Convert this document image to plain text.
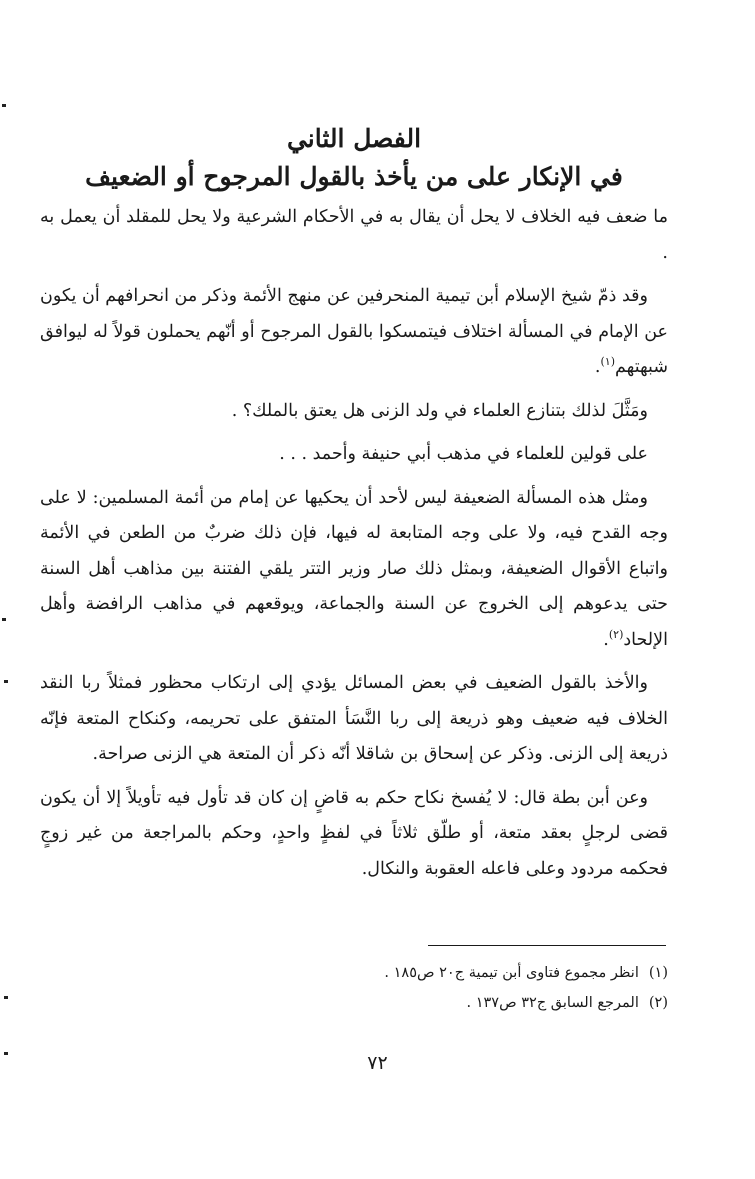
الفصل الثاني
في الإنكار على من يأخذ بالقول المرجوح أو الضعيف

ما ضعف فيه الخلاف لا يحل أن يقال به في الأحكام الشرعية ولا يحل للمقلد أن يعمل به .

وقد ذمّ شيخ الإسلام أبن تيمية المنحرفين عن منهج الأئمة وذكر من انحرافهم أن يكون عن الإمام في المسألة اختلاف فيتمسكوا بالقول المرجوح أو أنّهم يحملون قولاً له ليوافق شبهتهم$^{(١)}$.

ومَثَّلَ لذلك بتنازع العلماء في ولد الزنى هل يعتق بالملك؟ .

على قولين للعلماء في مذهب أبي حنيفة وأحمد . . .

ومثل هذه المسألة الضعيفة ليس لأحد أن يحكيها عن إمام من أئمة المسلمين: لا على وجه القدح فيه، ولا على وجه المتابعة له فيها، فإن ذلك ضربٌ من الطعن في الأئمة واتباع الأقوال الضعيفة، وبمثل ذلك صار وزير التتر يلقي الفتنة بين مذاهب أهل السنة حتى يدعوهم إلى الخروج عن السنة والجماعة، ويوقعهم في مذاهب الرافضة وأهل الإلحاد$^{(٢)}$.

والأخذ بالقول الضعيف في بعض المسائل يؤدي إلى ارتكاب محظور فمثلاً ربا النقد الخلاف فيه ضعيف وهو ذريعة إلى ربا النَّسَأ المتفق على تحريمه، وكنكاح المتعة فإنّه ذريعة إلى الزنى. وذكر عن إسحاق بن شاقلا أنّه ذكر أن المتعة هي الزنى صراحة.

وعن أبن بطة قال: لا يُفسخ نكاح حكم به قاضٍ إن كان قد تأول فيه تأويلاً إلا أن يكون قضى لرجلٍ بعقد متعة، أو طلّق ثلاثاً في لفظٍ واحدٍ، وحكم بالمراجعة من غير زوجٍ فحكمه مردود وعلى فاعله العقوبة والنكال.

(١)انظر مجموع فتاوى أبن تيمية ج٢٠ ص١٨٥ .
(٢)المرجع السابق ج٣٢ ص١٣٧ .
٧٢
